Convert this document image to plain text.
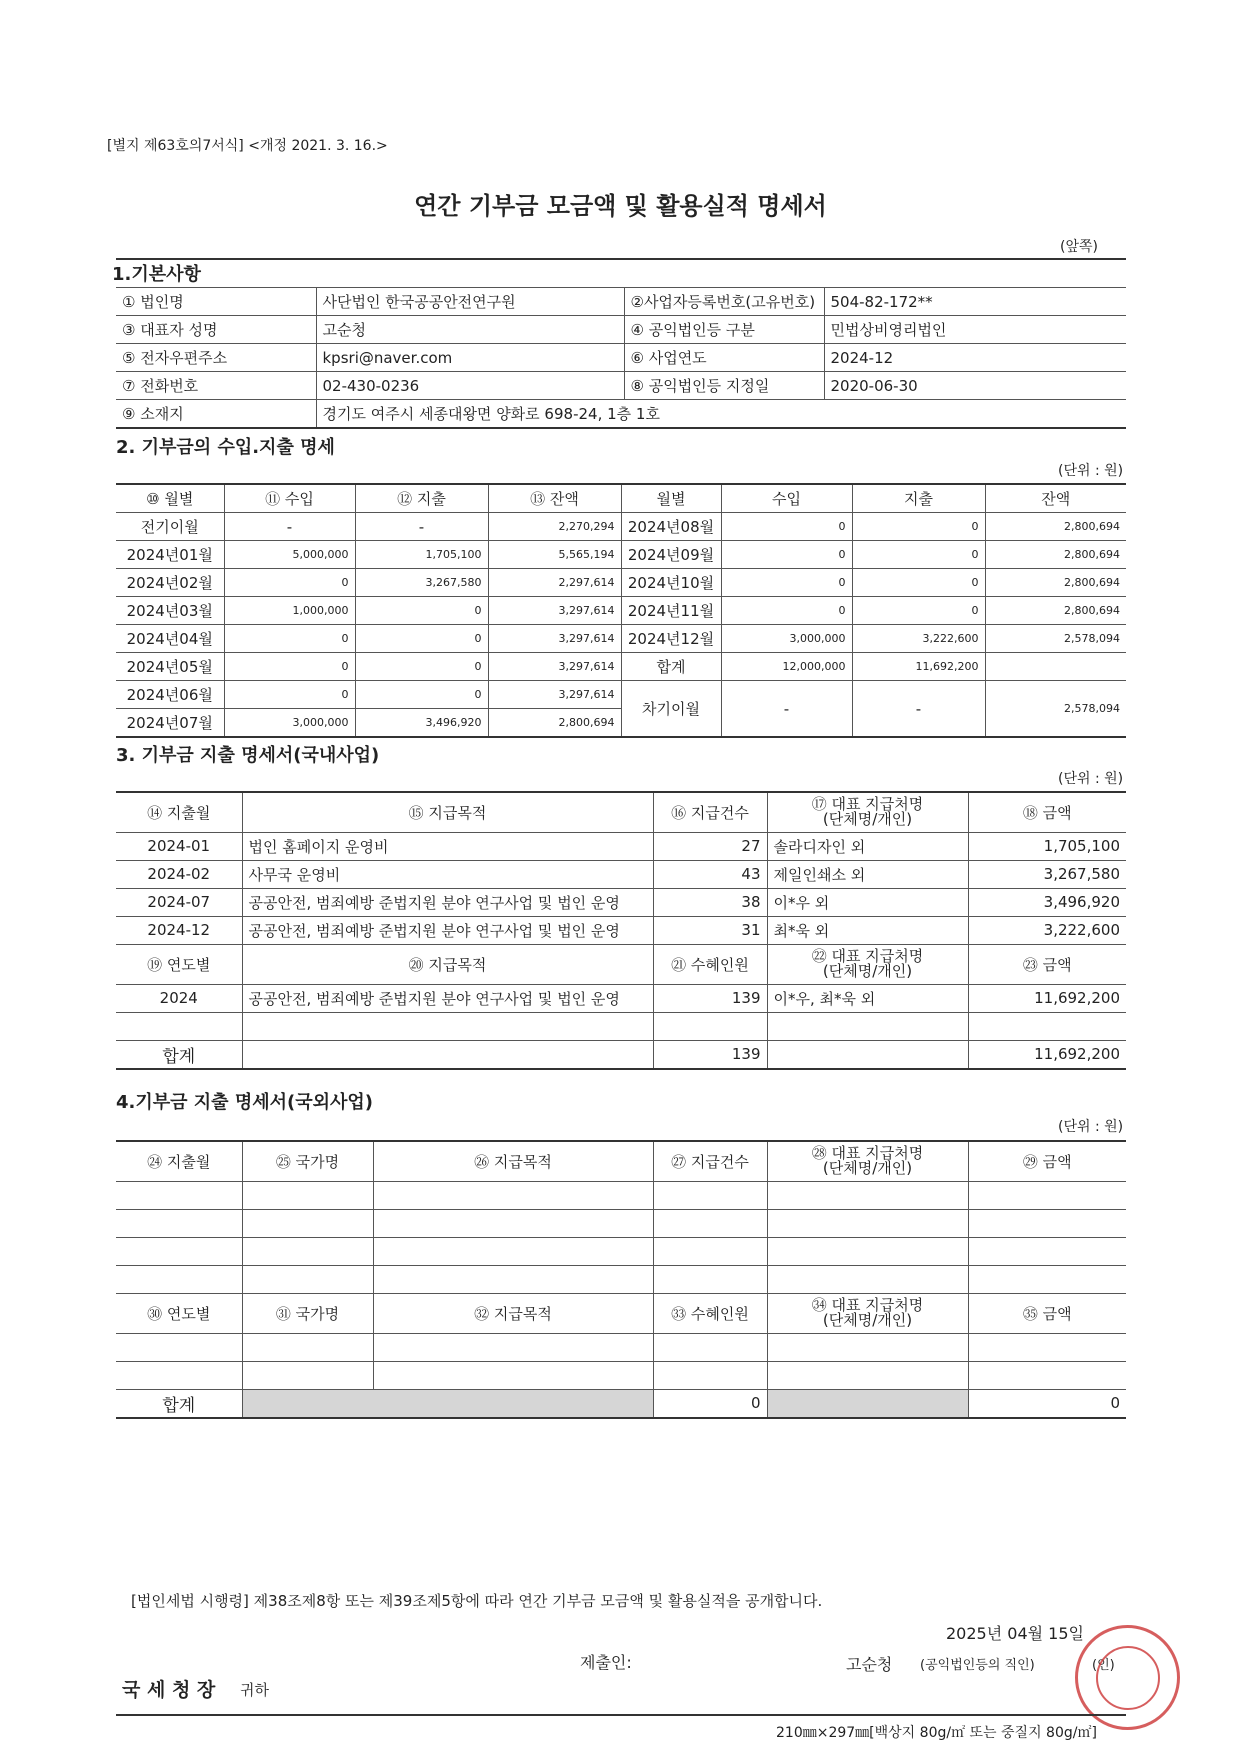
[별지 제63호의7서식] <개정 2021. 3. 16.>
연간 기부금 모금액 및 활용실적 명세서
(앞쪽)
1.기본사항
① 법인명	사단법인 한국공공안전연구원	②사업자등록번호(고유번호)	504-82-172**
③ 대표자 성명	고순청	④ 공익법인등 구분	민법상비영리법인
⑤ 전자우편주소	kpsri@naver.com	⑥ 사업연도	2024-12
⑦ 전화번호	02-430-0236	⑧ 공익법인등 지정일	2020-06-30
⑨ 소재지	경기도 여주시 세종대왕면 양화로 698-24, 1층 1호		
2. 기부금의 수입.지출 명세
(단위 : 원)
⑩ 월별	⑪ 수입	⑫ 지출	⑬ 잔액	월별	수입	지출	잔액
전기이월	-	-	2,270,294	2024년08월	0	0	2,800,694
2024년01월	5,000,000	1,705,100	5,565,194	2024년09월	0	0	2,800,694
2024년02월	0	3,267,580	2,297,614	2024년10월	0	0	2,800,694
2024년03월	1,000,000	0	3,297,614	2024년11월	0	0	2,800,694
2024년04월	0	0	3,297,614	2024년12월	3,000,000	3,222,600	2,578,094
2024년05월	0	0	3,297,614	합계	12,000,000	11,692,200	
2024년06월	0	0	3,297,614	차기이월	-	-	2,578,094
2024년07월	3,000,000	3,496,920	2,800,694				
3. 기부금 지출 명세서(국내사업)
(단위 : 원)
⑭ 지출월	⑮ 지급목적	⑯ 지급건수	⑰ 대표 지급처명
(단체명/개인)	⑱ 금액
2024-01	법인 홈페이지 운영비	27	솔라디자인 외	1,705,100
2024-02	사무국 운영비	43	제일인쇄소 외	3,267,580
2024-07	공공안전, 범죄예방 준법지원 분야 연구사업 및 법인 운영	38	이*우 외	3,496,920
2024-12	공공안전, 범죄예방 준법지원 분야 연구사업 및 법인 운영	31	최*욱 외	3,222,600
⑲ 연도별	⑳ 지급목적	㉑ 수혜인원	㉒ 대표 지급처명
(단체명/개인)	㉓ 금액
2024	공공안전, 범죄예방 준법지원 분야 연구사업 및 법인 운영	139	이*우, 최*욱 외	11,692,200

합계		139		11,692,200
4.기부금 지출 명세서(국외사업)
(단위 : 원)
㉔ 지출월	㉕ 국가명	㉖ 지급목적	㉗ 지급건수	㉘ 대표 지급처명
(단체명/개인)	㉙ 금액

㉚ 연도별	㉛ 국가명	㉜ 지급목적	㉝ 수혜인원	㉞ 대표 지급처명
(단체명/개인)	㉟ 금액

합계			0		0
[법인세법 시행령] 제38조제8항 또는 제39조제5항에 따라 연간 기부금 모금액 및 활용실적을 공개합니다.
2025년 04월 15일
제출인:	고순청 (공익법인등의 직인)	(인)
국 세 청 장 귀하
210㎜×297㎜[백상지 80g/㎡ 또는 중질지 80g/㎡]
